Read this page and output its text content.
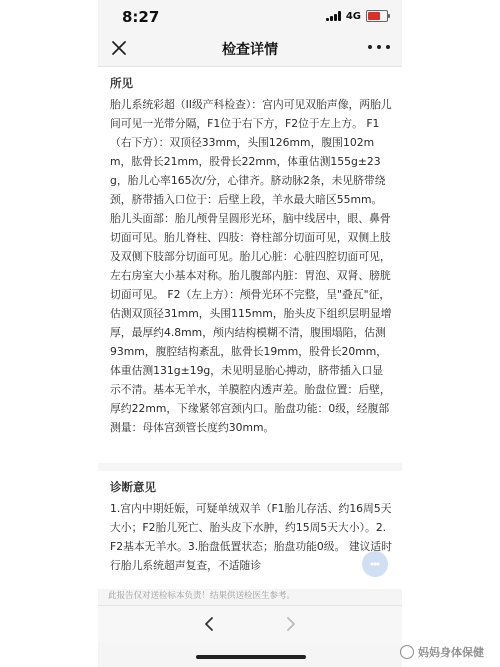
8:27	4G
检查详情
所见

胎儿系统彩超（II级产科检查）：宫内可见双胎声像，两胎儿间可见一光带分隔，F1位于右下方，F2位于左上方。 F1（右下方）：双顶径33mm，头围126mm，腹围102mm，肱骨长21mm，股骨长22mm，体重估测155g±23g，胎儿心率165次/分，心律齐。脐动脉2条，未见脐带绕颈，脐带插入口位于：后壁上段，羊水最大暗区55mm。胎儿头面部：胎儿颅骨呈圆形光环，脑中线居中，眼、鼻骨切面可见。胎儿脊柱、四肢：脊柱部分切面可见，双侧上肢及双侧下肢部分切面可见。胎儿心脏：心脏四腔切面可见，左右房室大小基本对称。胎儿腹部内脏：胃泡、双肾、膀胱切面可见。 F2（左上方）：颅骨光环不完整，呈"叠瓦"征，估测双顶径31mm，头围115mm，胎头皮下组织层明显增厚，最厚约4.8mm，颅内结构模糊不清，腹围塌陷，估测93mm，腹腔结构紊乱，肱骨长19mm，股骨长20mm，体重估测131g±19g，未见明显胎心搏动，脐带插入口显示不清。基本无羊水，羊膜腔内透声差。胎盘位置：后壁，厚约22mm，下缘紧邻宫颈内口。胎盘功能：0级，经腹部测量：母体宫颈管长度约30mm。

诊断意见

1.宫内中期妊娠，可疑单绒双羊（F1胎儿存活、约16周5天大小；F2胎儿死亡、胎头皮下水肿，约15周5天大小）。2.F2基本无羊水。3.胎盘低置状态；胎盘功能0级。 建议适时行胎儿系统超声复查，不适随诊

此报告仅对送检标本负责！结果供送检医生参考。
妈妈身体保健
